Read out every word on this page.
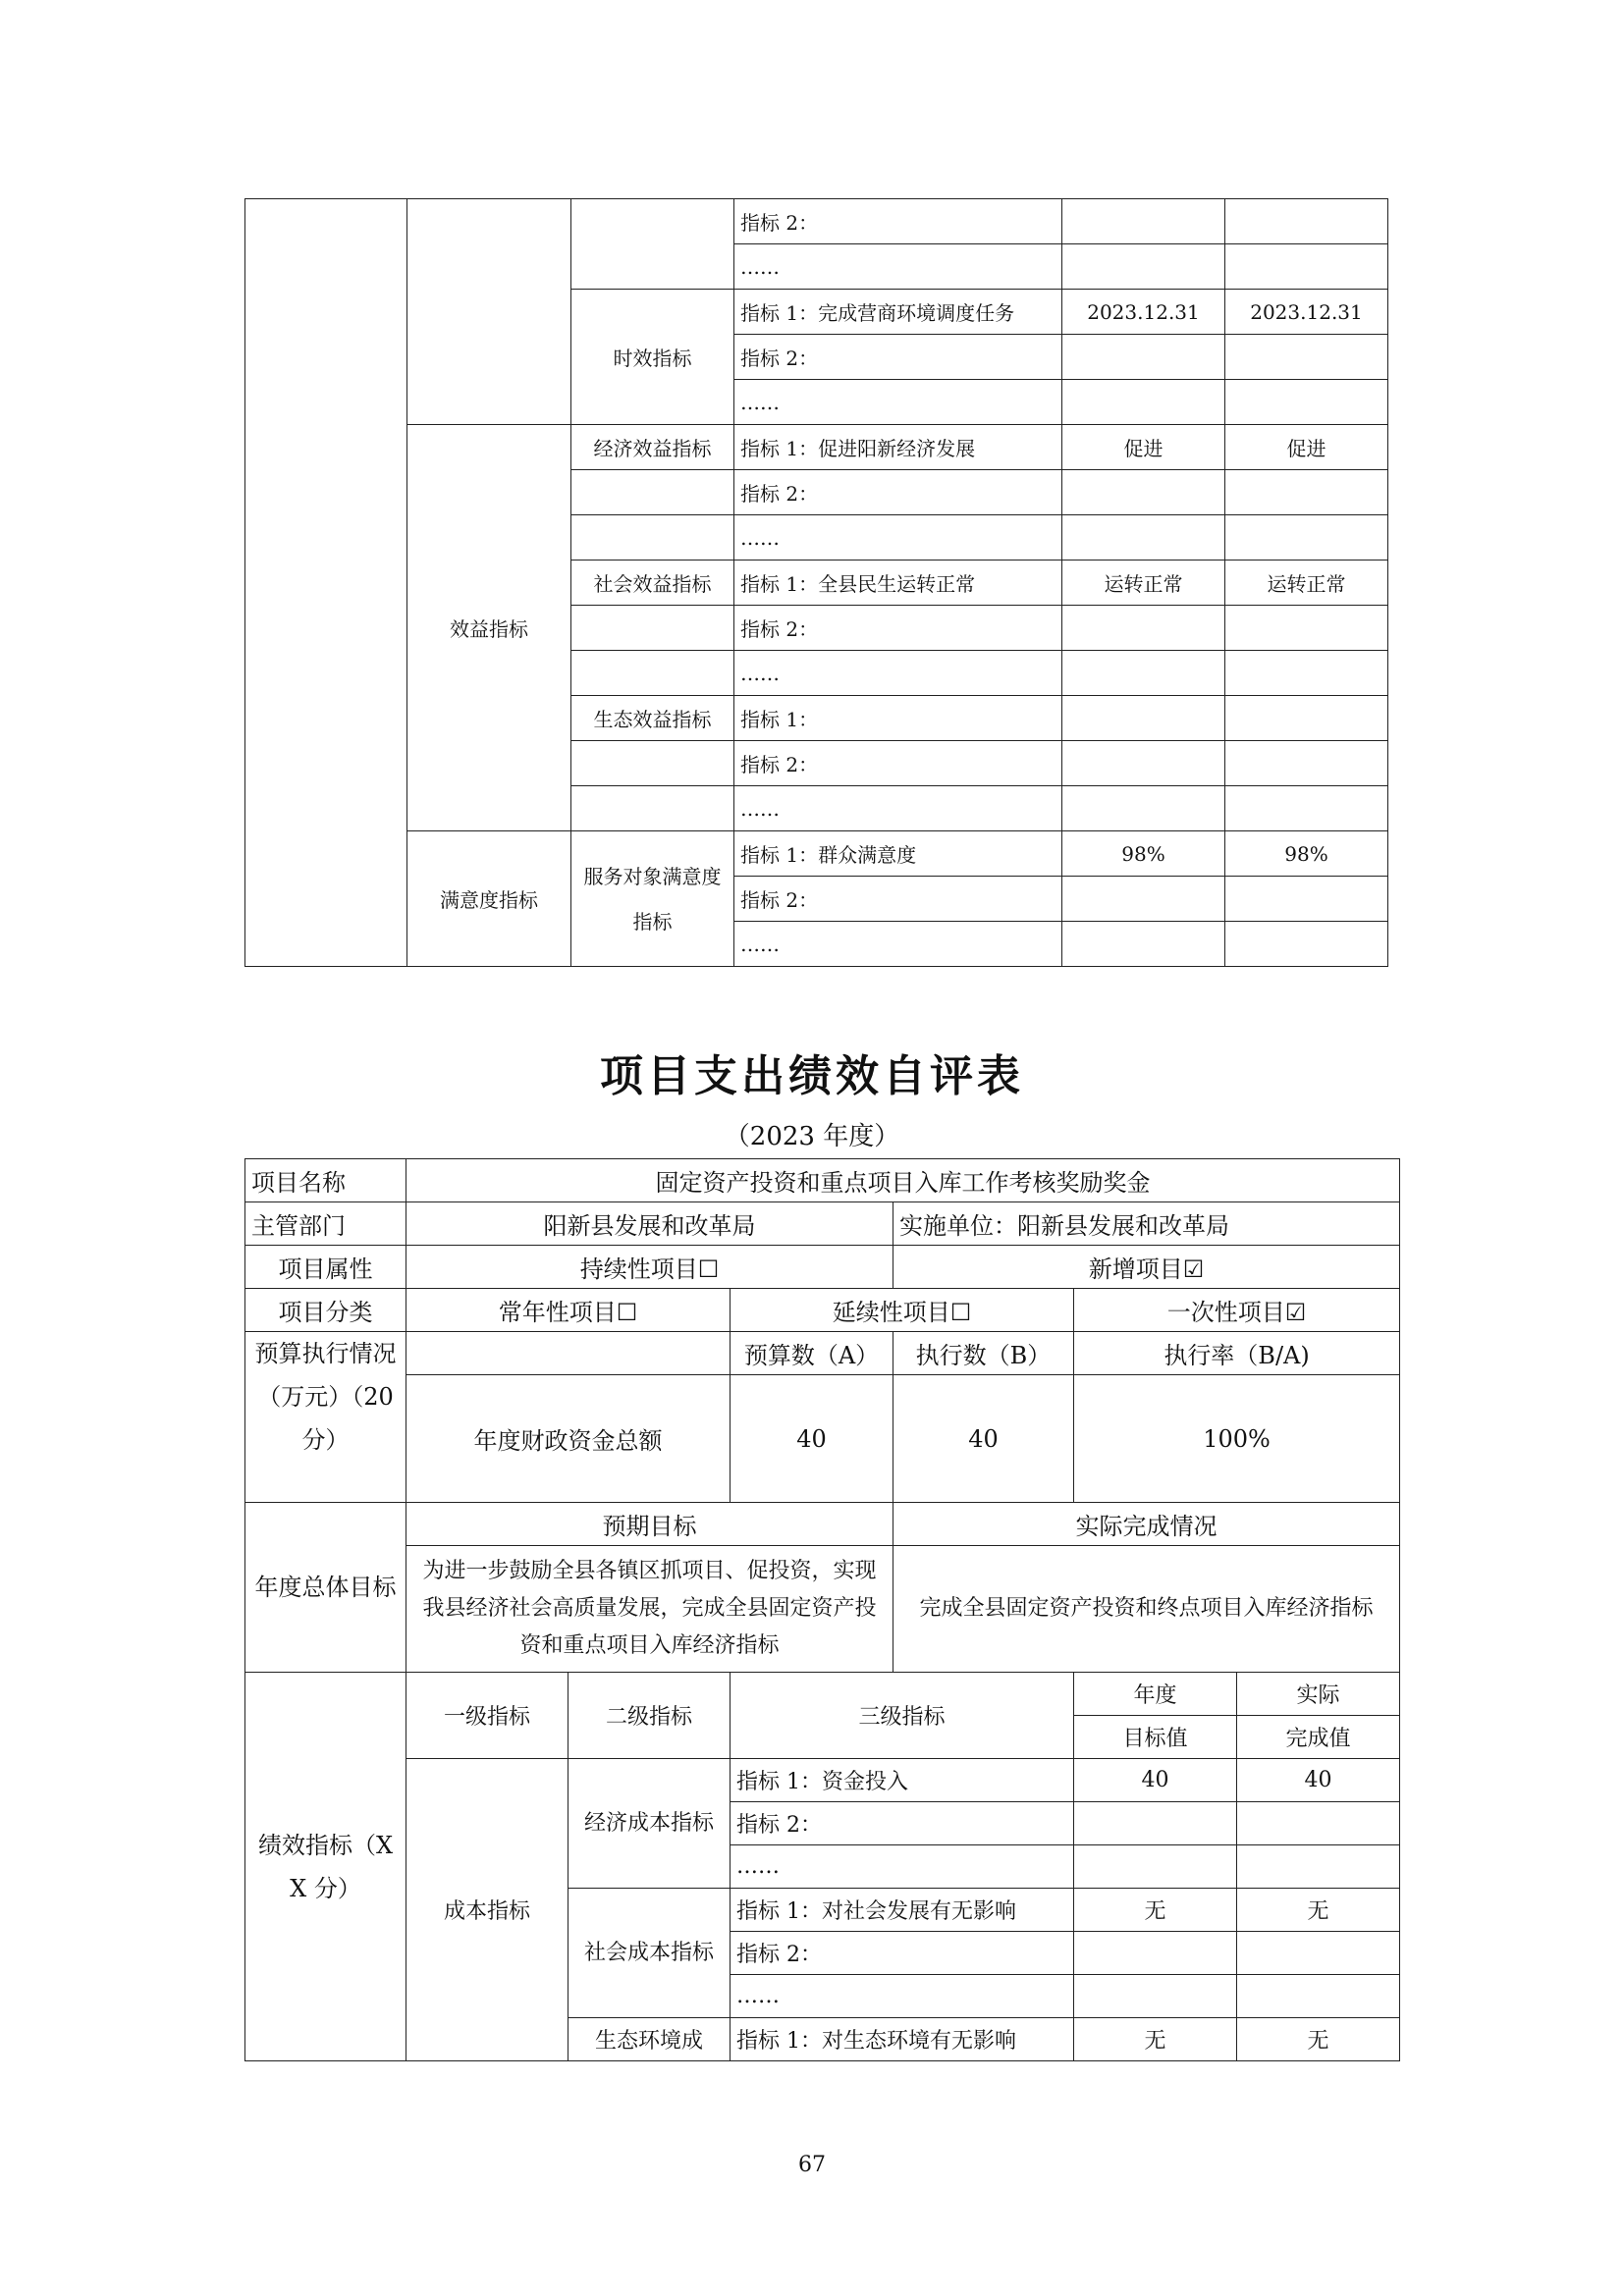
			指标 2：		
			……		
		时效指标	指标 1：完成营商环境调度任务	2023.12.31	2023.12.31
			指标 2：		
			……		
	效益指标	经济效益指标	指标 1：促进阳新经济发展	促进	促进
			指标 2：		
			……		
		社会效益指标	指标 1：全县民生运转正常	运转正常	运转正常
			指标 2：		
			……		
		生态效益指标	指标 1：		
			指标 2：		
			……		
	满意度指标	服务对象满意度指标	指标 1：群众满意度	98%	98%
			指标 2：		
			……		
项目支出绩效自评表
（2023 年度）
项目名称	固定资产投资和重点项目入库工作考核奖励奖金					
主管部门	阳新县发展和改革局			实施单位：阳新县发展和改革局		
项目属性	持续性项目☐			新增项目☑		
项目分类	常年性项目☐		延续性项目☐		一次性项目☑	
预算执行情况（万元）（20分）			预算数（A）	执行数（B）	执行率（B/A)	
	年度财政资金总额		40	40	100%	
年度总体目标	预期目标			实际完成情况		
	为进一步鼓励全县各镇区抓项目、促投资，实现我县经济社会高质量发展，完成全县固定资产投资和重点项目入库经济指标			完成全县固定资产投资和终点项目入库经济指标		
绩效指标（XX 分）	一级指标	二级指标	三级指标		年度	实际
					目标值	完成值
	成本指标	经济成本指标	指标 1：资金投入		40	40
			指标 2：			
			……			
		社会成本指标	指标 1：对社会发展有无影响		无	无
			指标 2：			
			……			
		生态环境成	指标 1：对生态环境有无影响		无	无
67
